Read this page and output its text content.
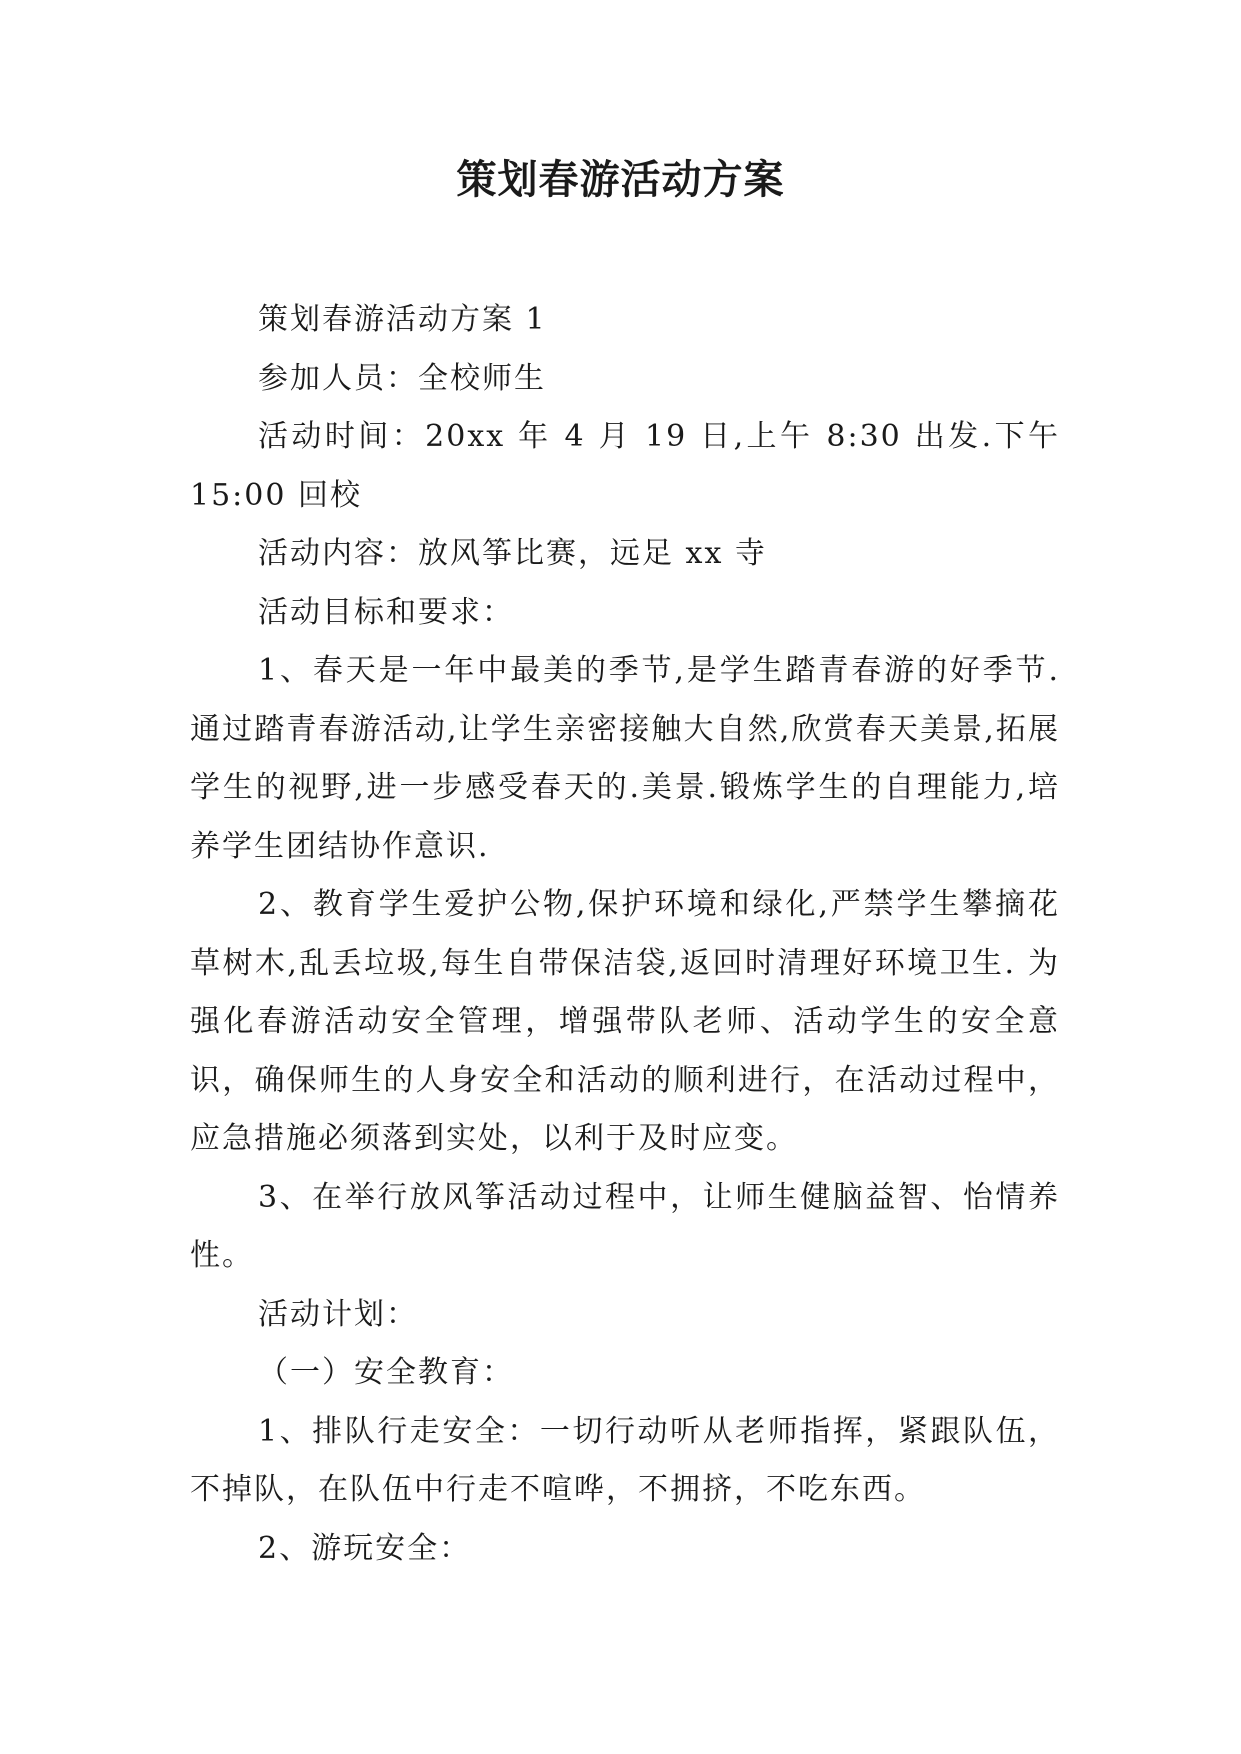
策划春游活动方案

策划春游活动方案 1

参加人员：全校师生

活动时间：20xx 年 4 月 19 日,上午 8:30 出发.下午 15:00 回校

活动内容：放风筝比赛，远足 xx 寺

活动目标和要求：

1、春天是一年中最美的季节,是学生踏青春游的好季节.通过踏青春游活动,让学生亲密接触大自然,欣赏春天美景,拓展学生的视野,进一步感受春天的.美景.锻炼学生的自理能力,培养学生团结协作意识.

2、教育学生爱护公物,保护环境和绿化,严禁学生攀摘花草树木,乱丢垃圾,每生自带保洁袋,返回时清理好环境卫生. 为强化春游活动安全管理，增强带队老师、活动学生的安全意识，确保师生的人身安全和活动的顺利进行，在活动过程中，应急措施必须落到实处，以利于及时应变。

3、在举行放风筝活动过程中，让师生健脑益智、怡情养性。

活动计划：

（一）安全教育：

1、排队行走安全：一切行动听从老师指挥，紧跟队伍，不掉队，在队伍中行走不喧哗，不拥挤，不吃东西。

2、游玩安全：
